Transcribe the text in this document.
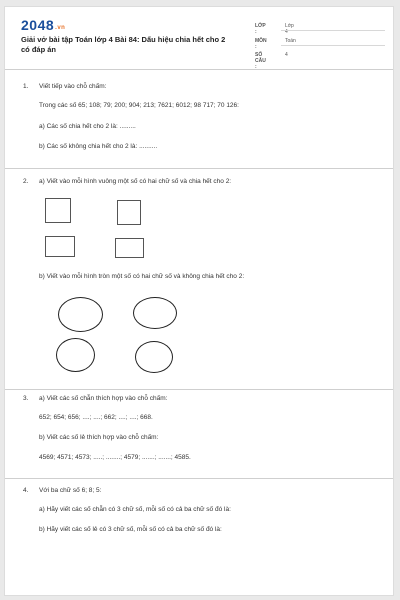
2048.vn
Giải vở bài tập Toán lớp 4 Bài 84: Dấu hiệu chia hết cho 2 có đáp án
LỚP :
Lớp 4
MÔN :
Toán
SỐ CÂU :
4
1. Viết tiếp vào chỗ chấm:
Trong các số 65; 108; 79; 200; 904; 213; 7621; 6012; 98 717; 70 126:
a) Các số chia hết cho 2 là: .........
b) Các số không chia hết cho 2 là: ..........
2. a) Viết vào mỗi hình vuông một số có hai chữ số và chia hết cho 2:
b) Viết vào mỗi hình tròn một số có hai chữ số và không chia hết cho 2:
3. a) Viết các số chẵn thích hợp vào chỗ chấm:
652; 654; 656; ....; ....; 662; ....; ....; 668.
b) Viết các số lẻ thích hợp vào chỗ chấm:
4569; 4571; 4573; .....; ........; 4579; .......; .......; 4585.
4. Với ba chữ số 6; 8; 5:
a) Hãy viết các số chẵn có 3 chữ số, mỗi số có cả ba chữ số đó là:
b) Hãy viết các số lẻ có 3 chữ số, mỗi số có cả ba chữ số đó là:
